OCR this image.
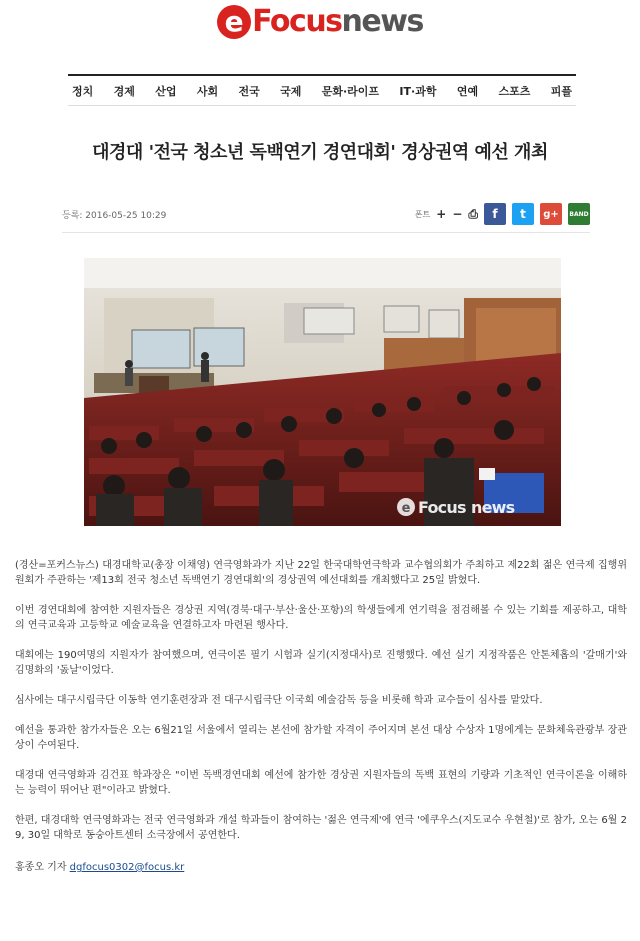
e Focus news
정치 경제 산업 사회 전국 국제 문화·라이프 IT·과학 연예 스포츠 피플
대경대 '전국 청소년 독백연기 경연대회' 경상권역 예선 개최
등록: 2016-05-25 10:29	폰트 + − ⎙	f	t	g+	BAND
e Focus news

(경산=포커스뉴스) 대경대학교(총장 이채영) 연극영화과가 지난 22일 한국대학연극학과 교수협의회가 주최하고 제22회 젊은 연극제 집행위원회가 주관하는 '제13회 전국 청소년 독백연기 경연대회'의 경상권역 예선대회를 개최했다고 25일 밝혔다.

이번 경연대회에 참여한 지원자들은 경상권 지역(경북·대구·부산·울산·포항)의 학생들에게 연기력을 점검해볼 수 있는 기회를 제공하고, 대학의 연극교육과 고등학교 예술교육을 연결하고자 마련된 행사다.

대회에는 190여명의 지원자가 참여했으며, 연극이론 필기 시험과 실기(지정대사)로 진행했다. 예선 실기 지정작품은 안톤체홉의 '갈매기'와 김명화의 '돐날'이었다.

심사에는 대구시립극단 이동학 연기훈련장과 전 대구시립극단 이국희 예술감독 등을 비롯해 학과 교수들이 심사를 맡았다.

예선을 통과한 참가자들은 오는 6월21일 서울에서 열리는 본선에 참가할 자격이 주어지며 본선 대상 수상자 1명에게는 문화체육관광부 장관상이 수여된다.

대경대 연극영화과 김건표 학과장은 "이번 독백경연대회 예선에 참가한 경상권 지원자들의 독백 표현의 기량과 기초적인 연극이론을 이해하는 능력이 뛰어난 편"이라고 밝혔다.

한편, 대경대학 연극영화과는 전국 연극영화과 개설 학과들이 참여하는 '젊은 연극제'에 연극 '에쿠우스(지도교수 우현철)'로 참가, 오는 6월 29, 30일 대학로 동숭아트센터 소극장에서 공연한다.

홍종오 기자 dgfocus0302@focus.kr
